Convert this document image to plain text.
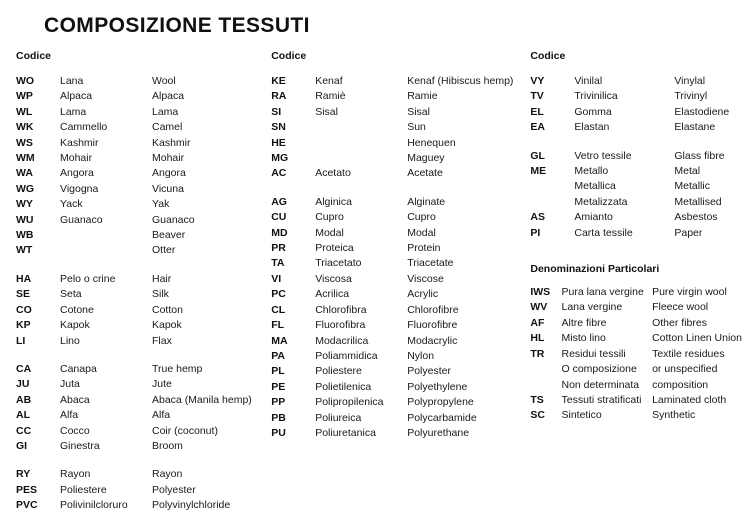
COMPOSIZIONE TESSUTI
Codice
WO	Lana	Wool
WP	Alpaca	Alpaca
WL	Lama	Lama
WK	Cammello	Camel
WS	Kashmir	Kashmir
WM	Mohair	Mohair
WA	Angora	Angora
WG	Vigogna	Vicuna
WY	Yack	Yak
WU	Guanaco	Guanaco
WB		Beaver
WT		Otter

HA	Pelo o crine	Hair
SE	Seta	Silk
CO	Cotone	Cotton
KP	Kapok	Kapok
LI	Lino	Flax

CA	Canapa	True hemp
JU	Juta	Jute
AB	Abaca	Abaca (Manila hemp)
AL	Alfa	Alfa
CC	Cocco	Coir (coconut)
GI	Ginestra	Broom

RY	Rayon	Rayon
PES	Poliestere	Polyester
PVC	Polivinilcloruro	Polyvinylchloride
Codice
KE	Kenaf	Kenaf (Hibiscus hemp)
RA	Ramiè	Ramie
SI	Sisal	Sisal
SN		Sun
HE		Henequen
MG		Maguey
AC	Acetato	Acetate

AG	Alginica	Alginate
CU	Cupro	Cupro
MD	Modal	Modal
PR	Proteica	Protein
TA	Triacetato	Triacetate
VI	Viscosa	Viscose
PC	Acrilica	Acrylic
CL	Chlorofibra	Chlorofibre
FL	Fluorofibra	Fluorofibre
MA	Modacrilica	Modacrylic
PA	Poliammidica	Nylon
PL	Poliestere	Polyester
PE	Polietilenica	Polyethylene
PP	Polipropilenica	Polypropylene
PB	Poliureica	Polycarbamide
PU	Poliuretanica	Polyurethane
Codice
VY	Vinilal	Vinylal
TV	Trivinilica	Trivinyl
EL	Gomma	Elastodiene
EA	Elastan	Elastane

GL	Vetro tessile	Glass fibre
ME	Metallo	Metal
	Metallica	Metallic
	Metalizzata	Metallised
AS	Amianto	Asbestos
PI	Carta tessile	Paper
Denominazioni Particolari
IWS	Pura lana vergine	Pure virgin wool
WV	Lana vergine	Fleece wool
AF	Altre fibre	Other fibres
HL	Misto lino	Cotton Linen Union
TR	Residui tessili	Textile residues
	O composizione	or unspecified
	Non determinata	composition
TS	Tessuti stratificati	Laminated cloth
SC	Sintetico	Synthetic
